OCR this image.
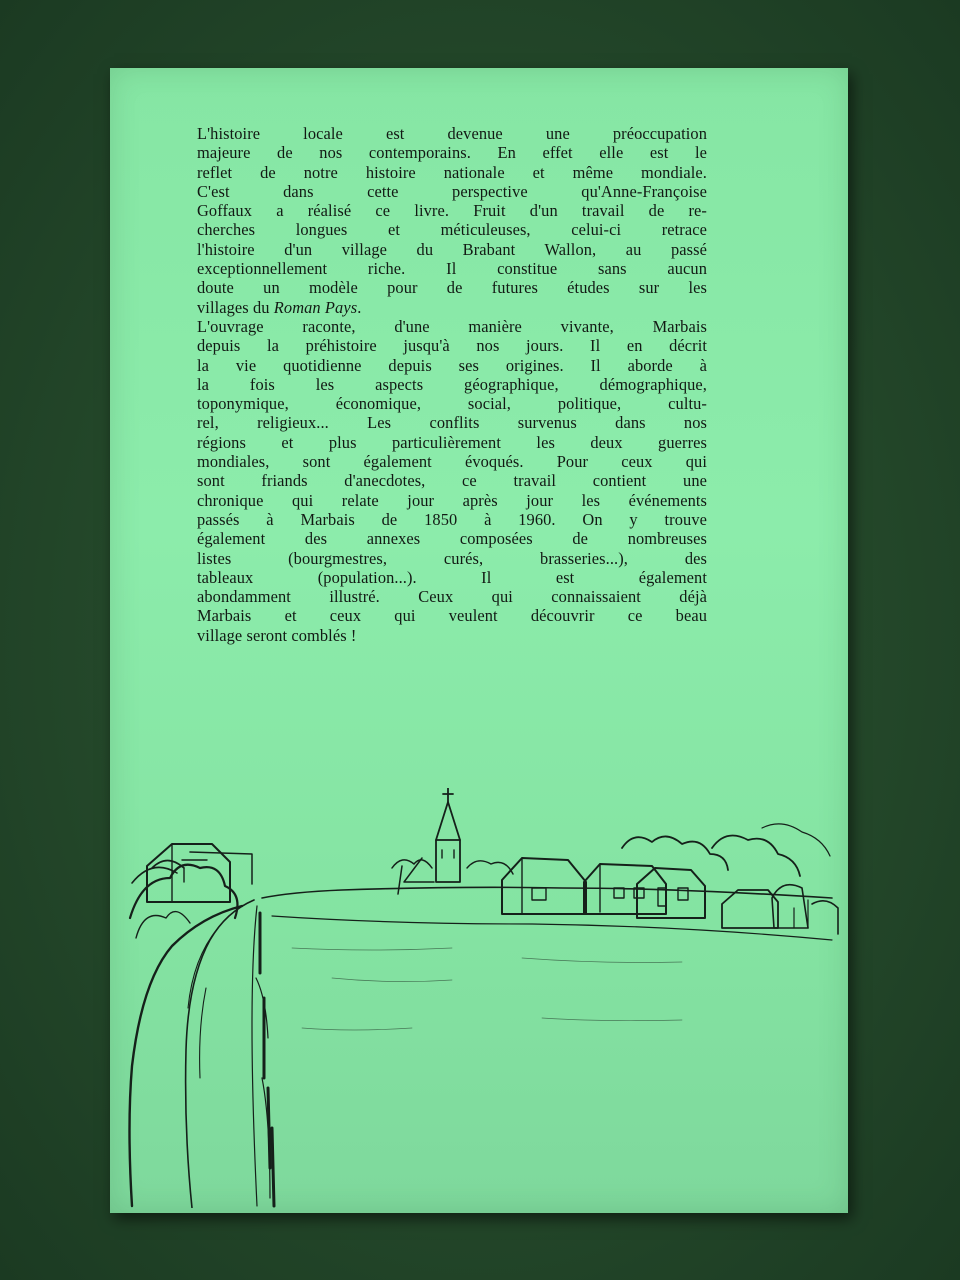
L'histoire locale est devenue une préoccupation
majeure de nos contemporains. En effet elle est le
reflet de notre histoire nationale et même mondiale.
C'est dans cette perspective qu'Anne-Françoise
Goffaux a réalisé ce livre. Fruit d'un travail de re-
cherches longues et méticuleuses, celui-ci retrace
l'histoire d'un village du Brabant Wallon, au passé
exceptionnellement riche. Il constitue sans aucun
doute un modèle pour de futures études sur les
villages du Roman Pays.
L'ouvrage raconte, d'une manière vivante, Marbais
depuis la préhistoire jusqu'à nos jours. Il en décrit
la vie quotidienne depuis ses origines. Il aborde à
la fois les aspects géographique, démographique,
toponymique, économique, social, politique, cultu-
rel, religieux... Les conflits survenus dans nos
régions et plus particulièrement les deux guerres
mondiales, sont également évoqués. Pour ceux qui
sont friands d'anecdotes, ce travail contient une
chronique qui relate jour après jour les événements
passés à Marbais de 1850 à 1960. On y trouve
également des annexes composées de nombreuses
listes (bourgmestres, curés, brasseries...), des
tableaux (population...). Il est également
abondamment illustré. Ceux qui connaissaient déjà
Marbais et ceux qui veulent découvrir ce beau
village seront comblés !
